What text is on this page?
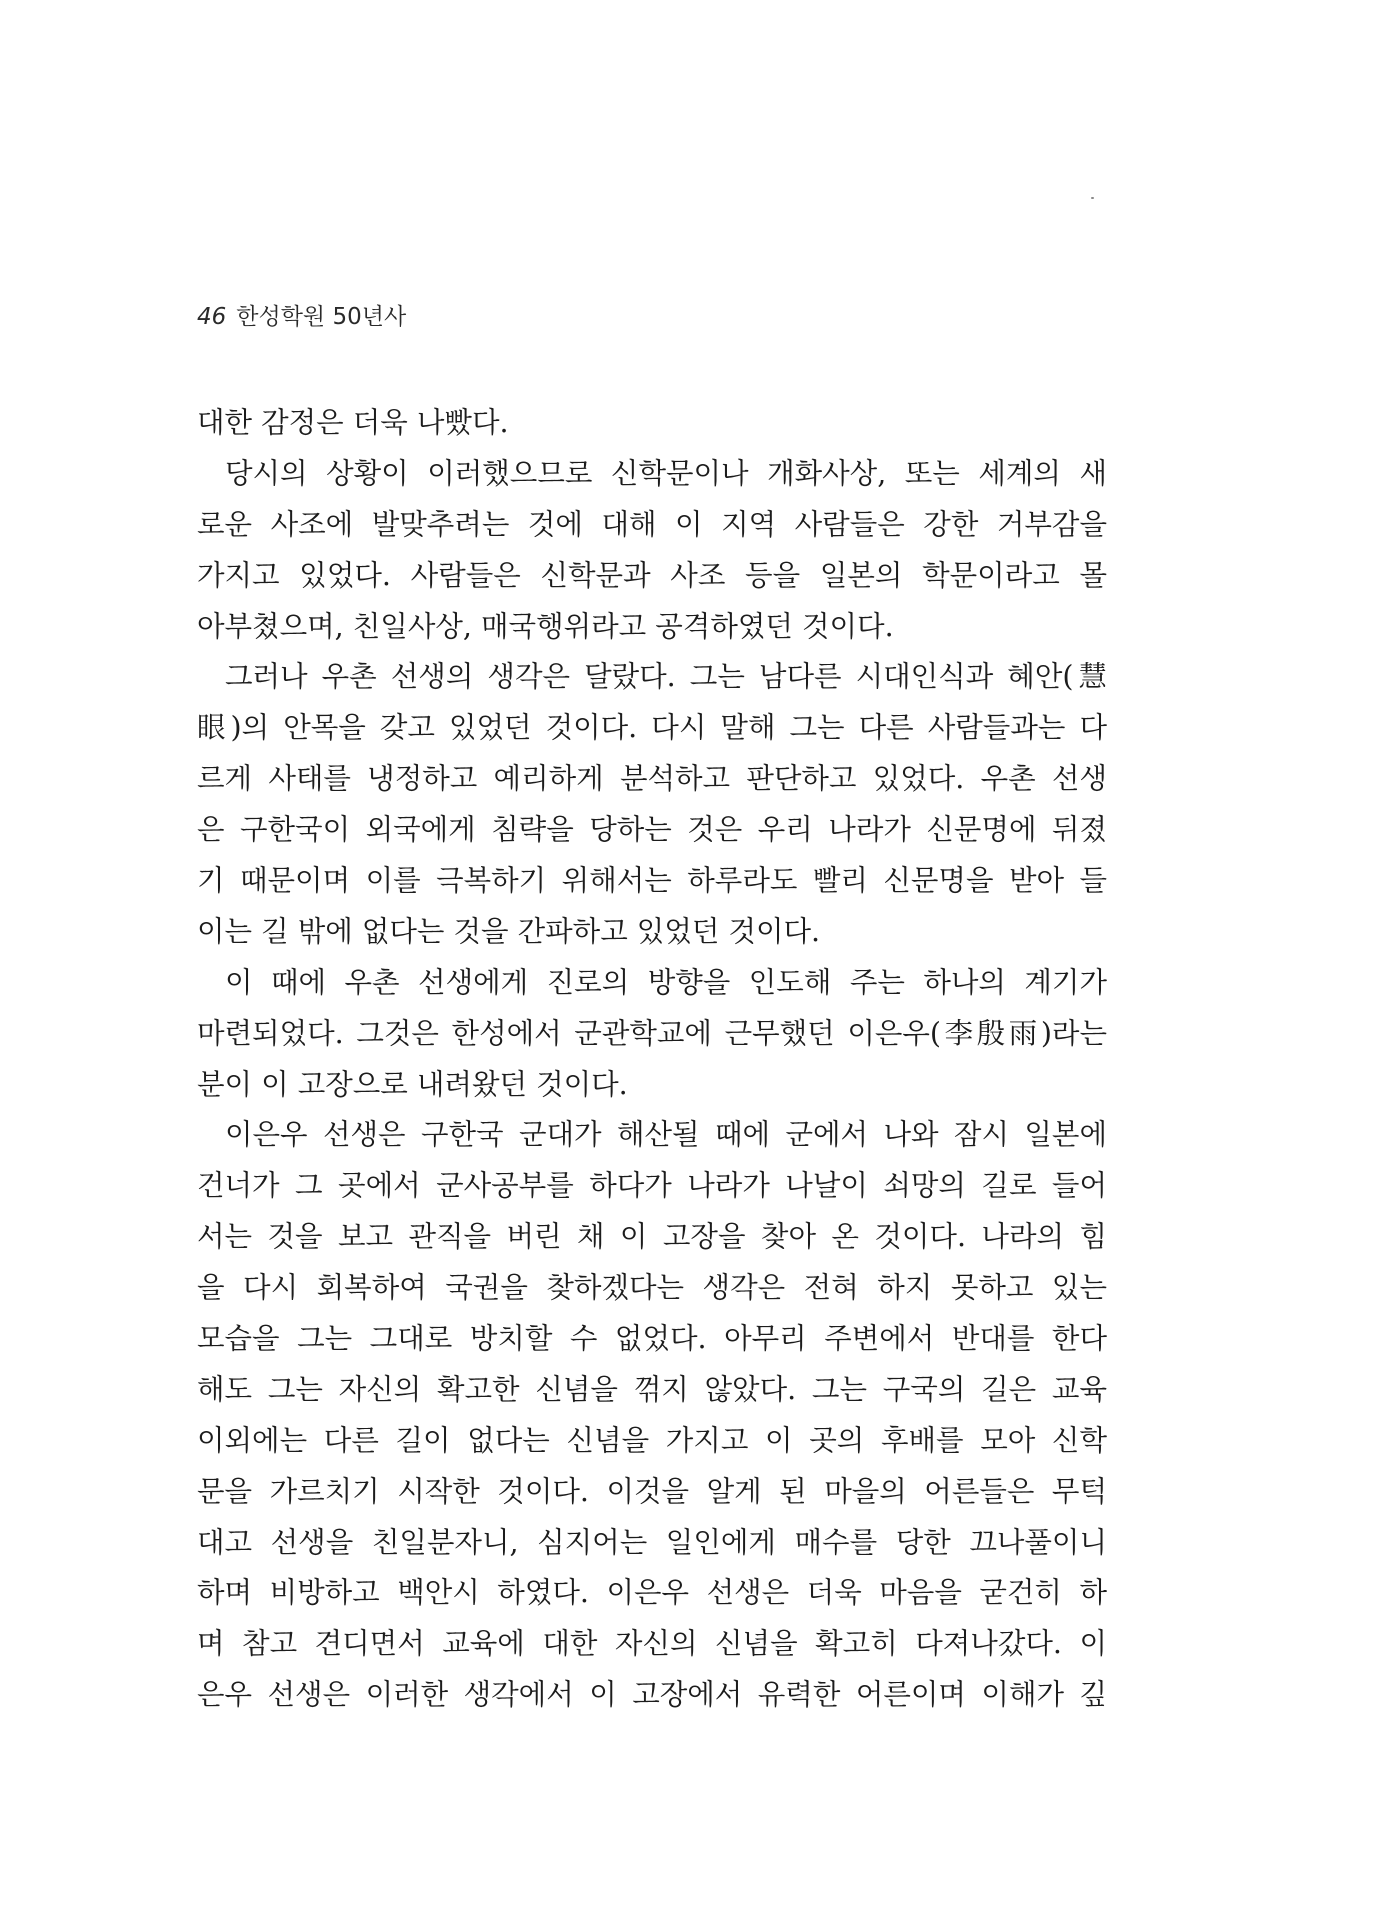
46 한성학원 50년사
대한 감정은 더욱 나빴다.
당시의 상황이 이러했으므로 신학문이나 개화사상, 또는 세계의 새
로운 사조에 발맞추려는 것에 대해 이 지역 사람들은 강한 거부감을
가지고 있었다. 사람들은 신학문과 사조 등을 일본의 학문이라고 몰
아부쳤으며, 친일사상, 매국행위라고 공격하였던 것이다.
그러나 우촌 선생의 생각은 달랐다. 그는 남다른 시대인식과 혜안(慧
眼)의 안목을 갖고 있었던 것이다. 다시 말해 그는 다른 사람들과는 다
르게 사태를 냉정하고 예리하게 분석하고 판단하고 있었다. 우촌 선생
은 구한국이 외국에게 침략을 당하는 것은 우리 나라가 신문명에 뒤졌
기 때문이며 이를 극복하기 위해서는 하루라도 빨리 신문명을 받아 들
이는 길 밖에 없다는 것을 간파하고 있었던 것이다.
이 때에 우촌 선생에게 진로의 방향을 인도해 주는 하나의 계기가
마련되었다. 그것은 한성에서 군관학교에 근무했던 이은우(李殷雨)라는
분이 이 고장으로 내려왔던 것이다.
이은우 선생은 구한국 군대가 해산될 때에 군에서 나와 잠시 일본에
건너가 그 곳에서 군사공부를 하다가 나라가 나날이 쇠망의 길로 들어
서는 것을 보고 관직을 버린 채 이 고장을 찾아 온 것이다. 나라의 힘
을 다시 회복하여 국권을 찾하겠다는 생각은 전혀 하지 못하고 있는
모습을 그는 그대로 방치할 수 없었다. 아무리 주변에서 반대를 한다
해도 그는 자신의 확고한 신념을 꺾지 않았다. 그는 구국의 길은 교육
이외에는 다른 길이 없다는 신념을 가지고 이 곳의 후배를 모아 신학
문을 가르치기 시작한 것이다. 이것을 알게 된 마을의 어른들은 무턱
대고 선생을 친일분자니, 심지어는 일인에게 매수를 당한 끄나풀이니
하며 비방하고 백안시 하였다. 이은우 선생은 더욱 마음을 굳건히 하
며 참고 견디면서 교육에 대한 자신의 신념을 확고히 다져나갔다. 이
은우 선생은 이러한 생각에서 이 고장에서 유력한 어른이며 이해가 깊
